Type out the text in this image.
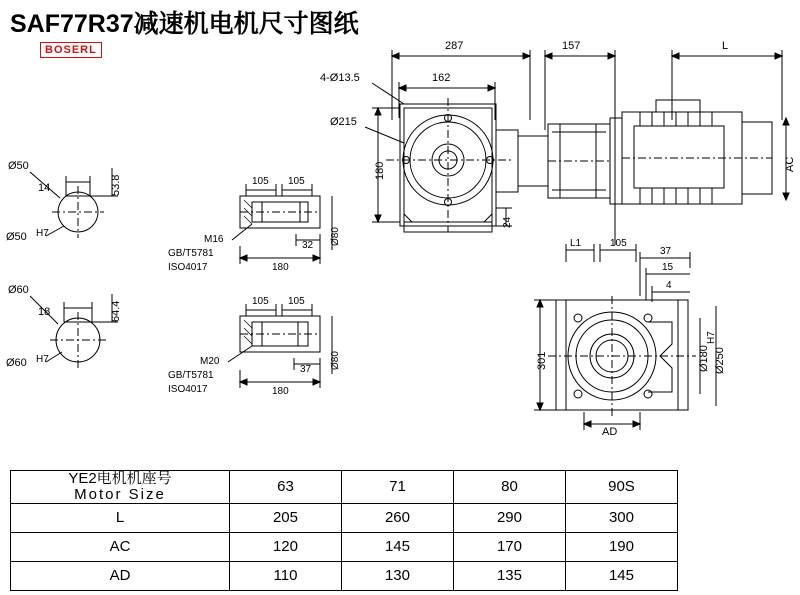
SAF77R37减速机电机尺寸图纸
BOSERL	287
162
4-Ø13.5
Ø215
157	L
180
24
AC
L1	105
37
15
4
301	Ø180
H7
Ø250
AD
Ø50
14	53.8
Ø50 H7
Ø60
18	64.4
Ø60 H7
105 105
32
180
Ø80
M16
GB/T5781
ISO4017
105 105
37
180
Ø80
M20
GB/T5781
ISO4017
YE2电机机座号
Motor Size	63	71	80	90S
L	205	260	290	300
AC	120	145	170	190
AD	110	130	135	145
